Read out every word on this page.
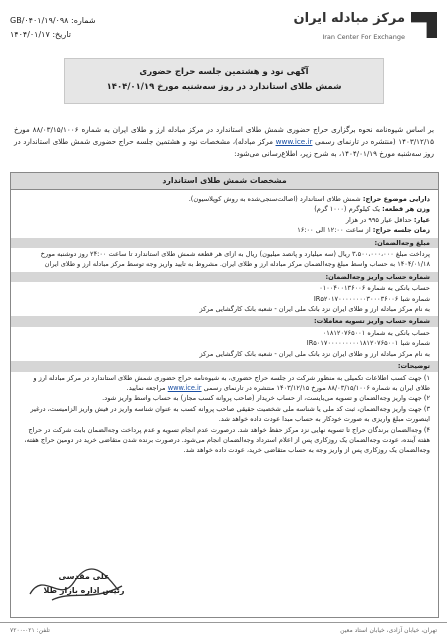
مرکز مبادله ایران
Iran Center For Exchange
شماره: GB/۰۴۰۱/۱۹/۰۹۸
تاریخ: ۱۴۰۴/۰۱/۱۷
آگهی نود و هشتمین جلسه حراج حضوری
شمش طلای استاندارد در روز سه‌شنبه مورخ ۱۴۰۴/۰۱/۱۹
بر اساس شیوه‌نامه نحوه برگزاری حراج حضوری شمش طلای استاندارد در مرکز مبادله ارز و طلای ایران به شماره ۸۸/۰۳/۱۵/۱۰۰۶ مورخ ۱۴۰۳/۱۲/۱۵ (منتشره در تارنمای رسمی www.ice.ir مرکز مبادله)، مشخصات نود و هشتمین جلسه حراج حضوری شمش طلای استاندارد در روز سه‌شنبه مورخ ۱۴۰۴/۰۱/۱۹، به شرح زیر، اطلاع‌رسانی می‌شود:
مشخصات شمش طلای استاندارد

دارایی موضوع حراج: شمش طلای استاندارد (اصالت‌سنجی‌شده به روش کوپلاسیون).

وزن هر قطعه: یک کیلوگرم (۱۰۰۰ گرم)

عیار: حداقل عیار ۹۹۵ در هزار

زمان جلسه حراج: از ساعت ۱۲:۰۰ الی ۱۶:۰۰

مبلغ وجه‌الضمان:

پرداخت مبلغ ۳،۵۰۰،۰۰۰،۰۰۰ ریال (سه میلیارد و پانصد میلیون) ریال به ازای هر قطعه شمش طلای استاندارد تا ساعت ۲۴:۰۰ روز دوشنبه مورخ ۱۴۰۴/۰۱/۱۸ به حساب واسط مبلغ وجه‌الضمان مرکز مبادله ارز و طلای ایران. مشروط به تایید واریز وجه توسط مرکز مبادله ارز و طلای ایران

شماره حساب واریز وجه‌الضمان:

حساب بانکی به شماره ۰۱۰۰۴۰۰۱۳۶۰۰۶

شماره شبا IR۵۲۰۱۷۰۰۰۰۰۰۰۰۳۰۰۰۳۶۰۰۶

به نام مرکز مبادله ارز و طلای ایران نزد بانک ملی ایران - شعبه بانک کارگشایی مرکز

شماره حساب واریز تسویه معاملات:

حساب بانکی به شماره ۰۱۸۱۲۰۷۶۵۰۰۱

شماره شبا IR۵۰۱۷۰۰۰۰۰۰۰۰۰۱۸۱۲۰۷۶۵۰۰۱

به نام مرکز مبادله ارز و طلای ایران نزد بانک ملی ایران - شعبه بانک کارگشایی مرکز

توضیحات:

۱) جهت کسب اطلاعات تکمیلی به منظور شرکت در جلسه حراج حضوری، به شیوه‌نامه حراج حضوری شمش طلای استاندارد در مرکز مبادله ارز و طلای ایران به شماره ۸۸/۰۳/۱۵/۱۰۰۶ مورخ ۱۴۰۳/۱۲/۱۵ منتشره در تارنمای رسمی www.ice.ir مراجعه نمایید.

۲) جهت واریز وجه‌الضمان و تسویه می‌بایست، از حساب خریدار (صاحب پروانه کسب مجاز) به حساب واسط واریز شود.

۳) جهت واریز وجه‌الضمان، ثبت کد ملی یا شناسه ملی شخصیت حقیقی صاحب پروانه کسب به عنوان شناسه واریز در فیش واریز الزامیست، درغیر اینصورت مبلغ واریزی به صورت خودکار به حساب مبدا عودت داده خواهد شد.

۴) وجه‌الضمان برندگان حراج تا تسویه نهایی نزد مرکز حفظ خواهد شد. درصورت عدم انجام تسویه و عدم پرداخت وجه‌الضمان بابت شرکت در حراج هفته آینده، عودت وجه‌الضمان یک روزکاری پس از اعلام استرداد وجه‌الضمان انجام می‌شود. درصورت برنده شدن متقاضی خرید در دومین حراج هفته، وجه‌الضمان یک روزکاری پس از واریز وجه به حساب متقاضی خرید، عودت داده خواهد شد.

علی مقدسی
رئیس اداره بازار طلا
تهران، خیابان آزادی، خیابان استاد معین
تلفن: ۰۲۱-۷۲۰۰
